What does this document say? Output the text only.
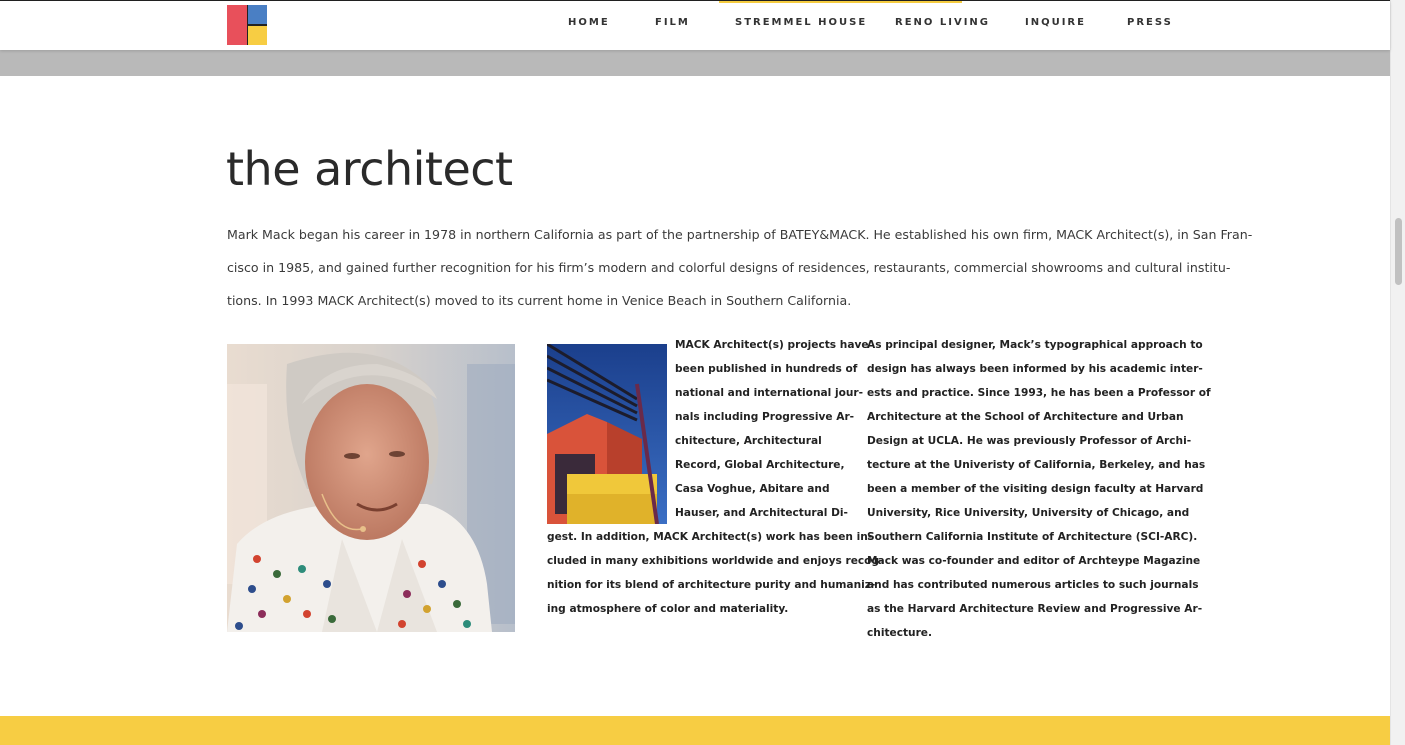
HOME	FILM	STREMMEL HOUSE	RENO LIVING	INQUIRE	PRESS
the architect
Mark Mack began his career in 1978 in northern California as part of the partnership of BATEY&MACK. He established his own firm, MACK Architect(s), in San Fran-
cisco in 1985, and gained further recognition for his firm’s modern and colorful designs of residences, restaurants, commercial showrooms and cultural institu-
tions. In 1993 MACK Architect(s) moved to its current home in Venice Beach in Southern California.
MACK Architect(s) projects have
been published in hundreds of
national and international jour-
nals including Progressive Ar-
chitecture, Architectural
Record, Global Architecture,
Casa Voghue, Abitare and
Hauser, and Architectural Di-
gest. In addition, MACK Architect(s) work has been in-
cluded in many exhibitions worldwide and enjoys recog-
nition for its blend of architecture purity and humaniz-
ing atmosphere of color and materiality.
As principal designer, Mack’s typographical approach to
design has always been informed by his academic inter-
ests and practice. Since 1993, he has been a Professor of
Architecture at the School of Architecture and Urban
Design at UCLA. He was previously Professor of Archi-
tecture at the Univeristy of California, Berkeley, and has
been a member of the visiting design faculty at Harvard
University, Rice University, University of Chicago, and
Southern California Institute of Architecture (SCI-ARC).
Mack was co-founder and editor of Archteype Magazine
and has contributed numerous articles to such journals
as the Harvard Architecture Review and Progressive Ar-
chitecture.
